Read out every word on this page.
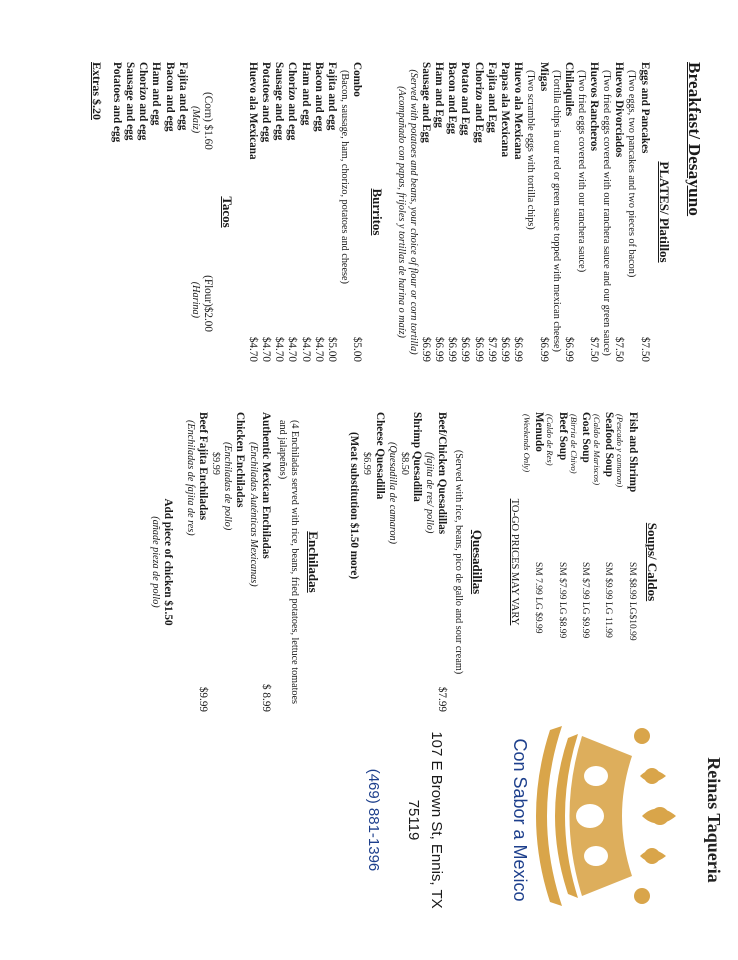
Breakfast/ Desayuno
PLATES/ Platillos
Eggs and Pancakes
$7.50
(Two eggs, two pancakes and two pieces of bacon)
Huevos Divorciados
$7.50
(Two fried eggs covered with our ranchera sauce and our green sauce)
Huevos Rancheros
$7.50
(Two fried eggs covered with our ranchera sauce)
Chilaquiles
$6.99
(Tortilla chips in our red or green sauce topped with mexican cheese)
Migas
$6.99
(Two scramble eggs with tortilla chips)
Huevo ala Mexicana
$6.99
Papas ala Mexicana
$6.99
Fajita and Egg
$7.99
Chorizo and Egg
$6.99
Potato and Egg
$6.99
Bacon and Egg
$6.99
Ham and Egg
$6.99
Sausage and Egg
$6.99
(Served with potatoes and beans, your choice of flour or corn tortilla)
(Acompañado con papas, frijoles y tortillas de harina o maíz)
Burritos
Combo
$5.00
(Bacon, sausage, ham, chorizo, potatoes and cheese)
Fajita and egg
$5.00
Bacon and egg
$4.70
Ham and egg
$4.70
Chorizo and egg
$4.70
Sausage and egg
$4.70
Potatoes and egg
$4.70
Huevo ala Mexicana
$4.70
Tacos
(Corn) $1.60
(Flour)$2.00
(Maiz)
(Harina)
Fajita and egg
Bacon and egg
Ham and egg
Chorizo and egg
Sausage and egg
Potatoes and egg
Extras $.20
Soups/ Caldos
Fish and Shrimp
SM $8.99 LG$10.99
(Pescado y camaron)
Seafood Soup
SM $9.99 LG 11.99
(Caldo de Mariscos)
Goat Soup
SM $7.99 LG $9.99
(Birria de Chivo)
Beef Soup
SM $7.99 LG $8.99
(Caldo de Res)
Menudo
SM 7.99 LG $9.99
(Weekends Only)
TO-GO PRICES MAY VARY
Quesadillas
(Served with rice, beans, pico de gallo and sour cream)
Beef/Chicken Quesadillas
$7.99
(fajita de res/ pollo)
Shrimp Quesadilla
$8.50
(Quesadilla de camaron)
Cheese Quesadilla
$6.99
(Meat substitution $1.50 more)
Enchiladas
(4 Enchiladas served with rice, beans, fried potatoes, lettuce tomatoes and jalapeños)
Authentic Mexican Enchiladas
$ 8.99
(Enchiladas Auténticas Mexicanas)
Chicken Enchiladas
(Enchiladas de pollo)
$9.99
Beef Fajita Enchiladas
$9.99
(Enchiladas de fajita de res)
Add piece of chicken $1.50
(añade pieza de pollo)
Reinas Taqueria
Con Sabor a Mexico
107 E Brown St, Ennis, TX
75119
(469) 881-1396
